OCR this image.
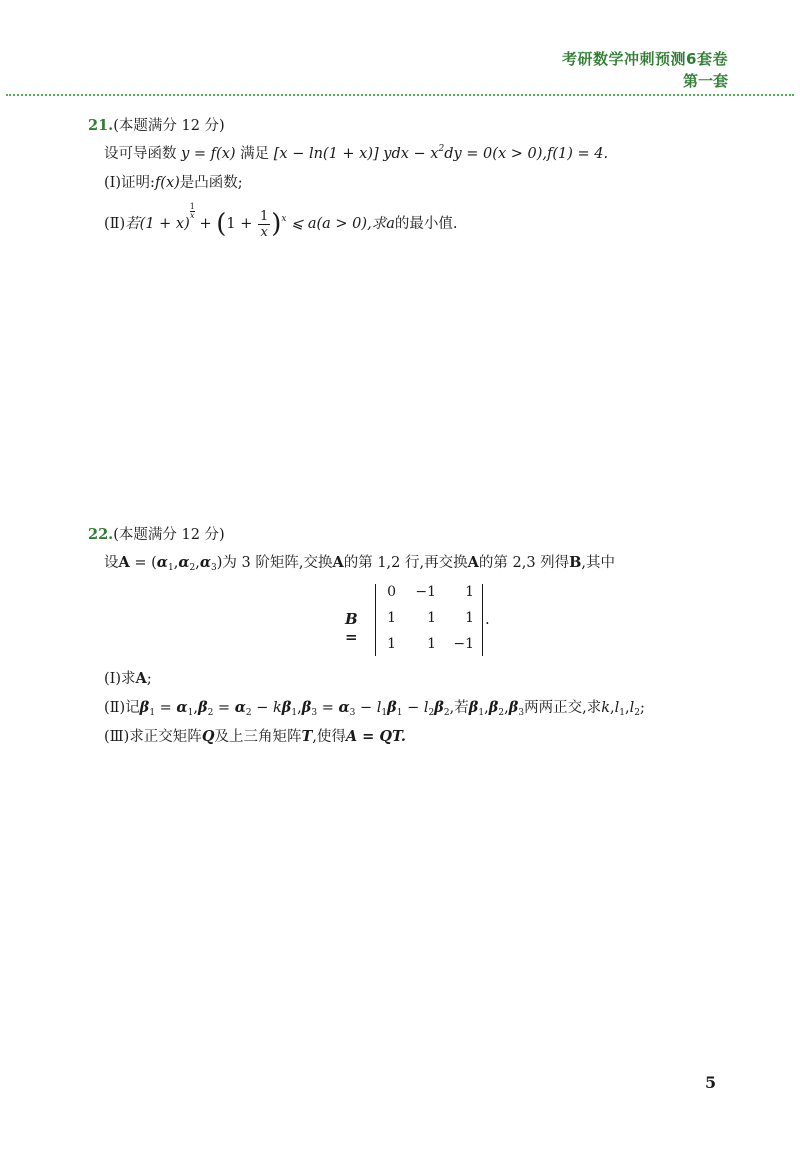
考研数学冲刺预测6套卷
第一套
21.(本题满分 12 分)
设可导函数 y = f(x) 满足 [x − ln(1 + x)] ydx − $x^2dy = 0(x > 0),f(1) = 4$.
(Ⅰ)证明:f(x)是凸函数;
(Ⅱ)若(1 + x)
$\frac{1}{x}$
+ $(1 + \frac{1}{x} )^x$ ⩽ a(a > 0),求a的最小值.
22.(本题满分 12 分)
设$A = (\alpha_1,\alpha_2,\alpha_3)$为 3 阶矩阵,交换A的第 1,2 行,再交换A的第 2,3 列得B,其中
B =
0	−1	1
1	1	1
1	1	−1
.
(Ⅰ)求A;
(Ⅱ)记$\beta_1 = \alpha_1,\beta_2 = \alpha_2 - k\beta_1,\beta_3 = \alpha_3 - l_1\beta_1 - l_2\beta_2$,若$\beta_1,\beta_2,\beta_3$两两正交,求$k,l_1,l_2$;
(Ⅲ)求正交矩阵Q及上三角矩阵T,使得A = QT.
5
